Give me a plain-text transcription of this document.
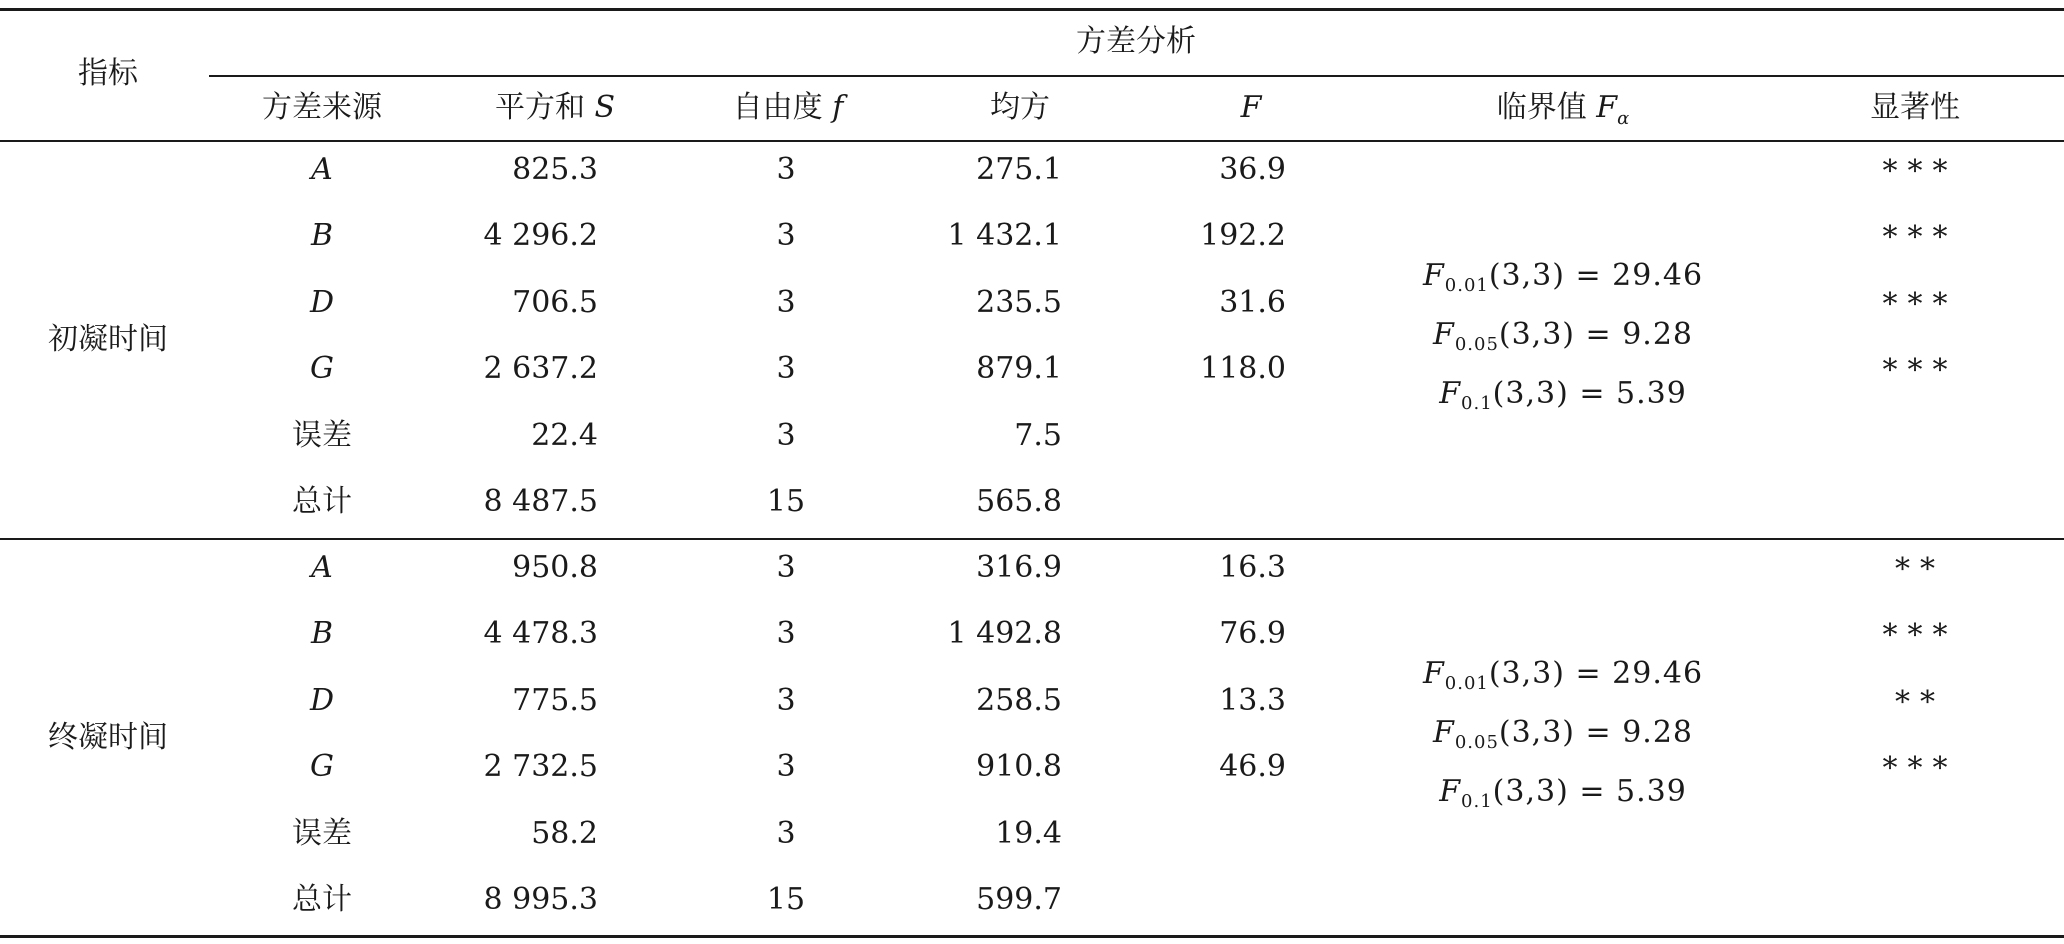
指标
方差分析
方差来源	平方和 S	自由度 f	均方	F	临界值 $F_\alpha$	显著性
初凝时间
A	825.3	3	275.1	36.9	***
B	4 296.2	3	1 432.1	192.2	***
D	706.5	3	235.5	31.6	***
G	2 637.2	3	879.1	118.0	***
误差	22.4	3	7.5
总计	8 487.5	15	565.8
$F_{0.01}(3,3) = 29.46$
$F_{0.05}(3,3) = 9.28$
$F_{0.1}(3,3) = 5.39$
终凝时间
A	950.8	3	316.9	16.3	**
B	4 478.3	3	1 492.8	76.9	***
D	775.5	3	258.5	13.3	**
G	2 732.5	3	910.8	46.9	***
误差	58.2	3	19.4
总计	8 995.3	15	599.7
$F_{0.01}(3,3) = 29.46$
$F_{0.05}(3,3) = 9.28$
$F_{0.1}(3,3) = 5.39$
